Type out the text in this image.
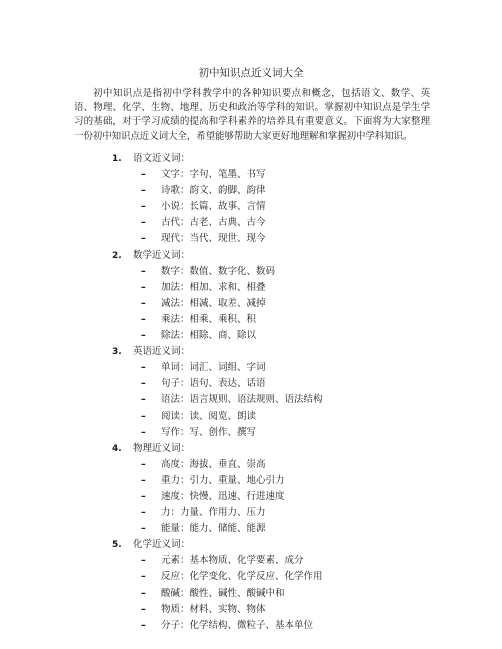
初中知识点近义词大全
初中知识点是指初中学科教学中的各种知识要点和概念，包括语文、数学、英语、物理、化学、生物、地理、历史和政治等学科的知识。掌握初中知识点是学生学习的基础，对于学习成绩的提高和学科素养的培养具有重要意义。下面将为大家整理一份初中知识点近义词大全，希望能够帮助大家更好地理解和掌握初中学科知识。
1. 语文近义词：
– 文字：字句、笔墨、书写
– 诗歌：韵文、韵脚、韵律
– 小说：长篇、故事、言情
– 古代：古老、古典、古今
– 现代：当代、现世、现今
2. 数学近义词：
– 数字：数值、数字化、数码
– 加法：相加、求和、相叠
– 减法：相减、取差、减掉
– 乘法：相乘、乘积、积
– 除法：相除、商、除以
3. 英语近义词：
– 单词：词汇、词组、字词
– 句子：语句、表达、话语
– 语法：语言规则、语法规则、语法结构
– 阅读：读、阅览、朗读
– 写作：写、创作、撰写
4. 物理近义词：
– 高度：海拔、垂直、崇高
– 重力：引力、重量、地心引力
– 速度：快慢、迅速、行进速度
– 力：力量、作用力、压力
– 能量：能力、储能、能源
5. 化学近义词：
– 元素：基本物质、化学要素、成分
– 反应：化学变化、化学反应、化学作用
– 酸碱：酸性、碱性、酸碱中和
– 物质：材料、实物、物体
– 分子：化学结构、微粒子、基本单位
